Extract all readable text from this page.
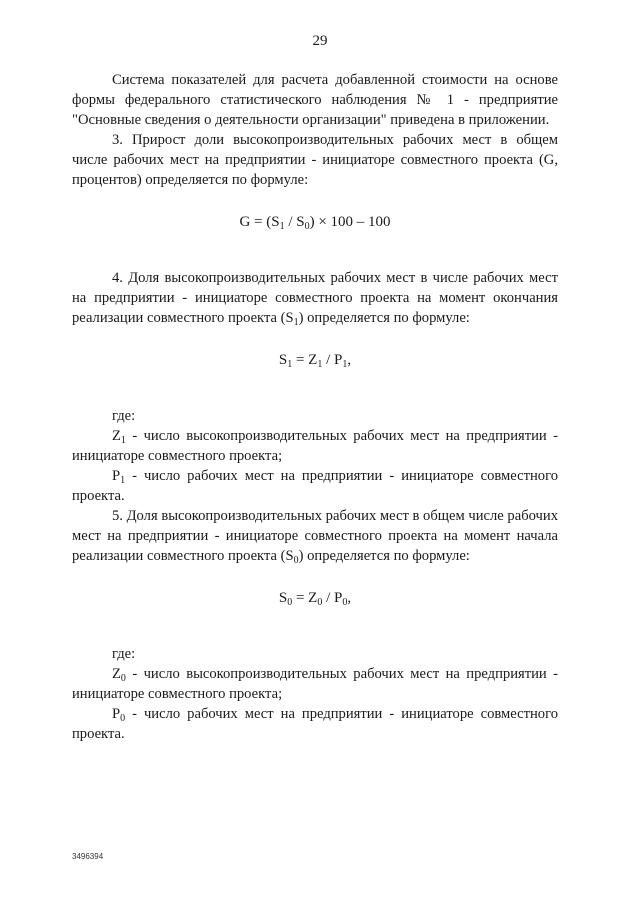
29

Система показателей для расчета добавленной стоимости на основе формы федерального статистического наблюдения № 1 - предприятие "Основные сведения о деятельности организации" приведена в приложении.

3. Прирост доли высокопроизводительных рабочих мест в общем числе рабочих мест на предприятии - инициаторе совместного проекта (G, процентов) определяется по формуле:

$G = (S_1 / S_0) \times 100 - 100$

4. Доля высокопроизводительных рабочих мест в числе рабочих мест на предприятии - инициаторе совместного проекта на момент окончания реализации совместного проекта $(S_1)$ определяется по формуле:

$S_1 = Z_1 / P_1$,

где:

$Z_1$ - число высокопроизводительных рабочих мест на предприятии - инициаторе совместного проекта;

$P_1$ - число рабочих мест на предприятии - инициаторе совместного проекта.

5. Доля высокопроизводительных рабочих мест в общем числе рабочих мест на предприятии - инициаторе совместного проекта на момент начала реализации совместного проекта $(S_0)$ определяется по формуле:

$S_0 = Z_0 / P_0$,

где:

$Z_0$ - число высокопроизводительных рабочих мест на предприятии - инициаторе совместного проекта;

$P_0$ - число рабочих мест на предприятии - инициаторе совместного проекта.

3496394
